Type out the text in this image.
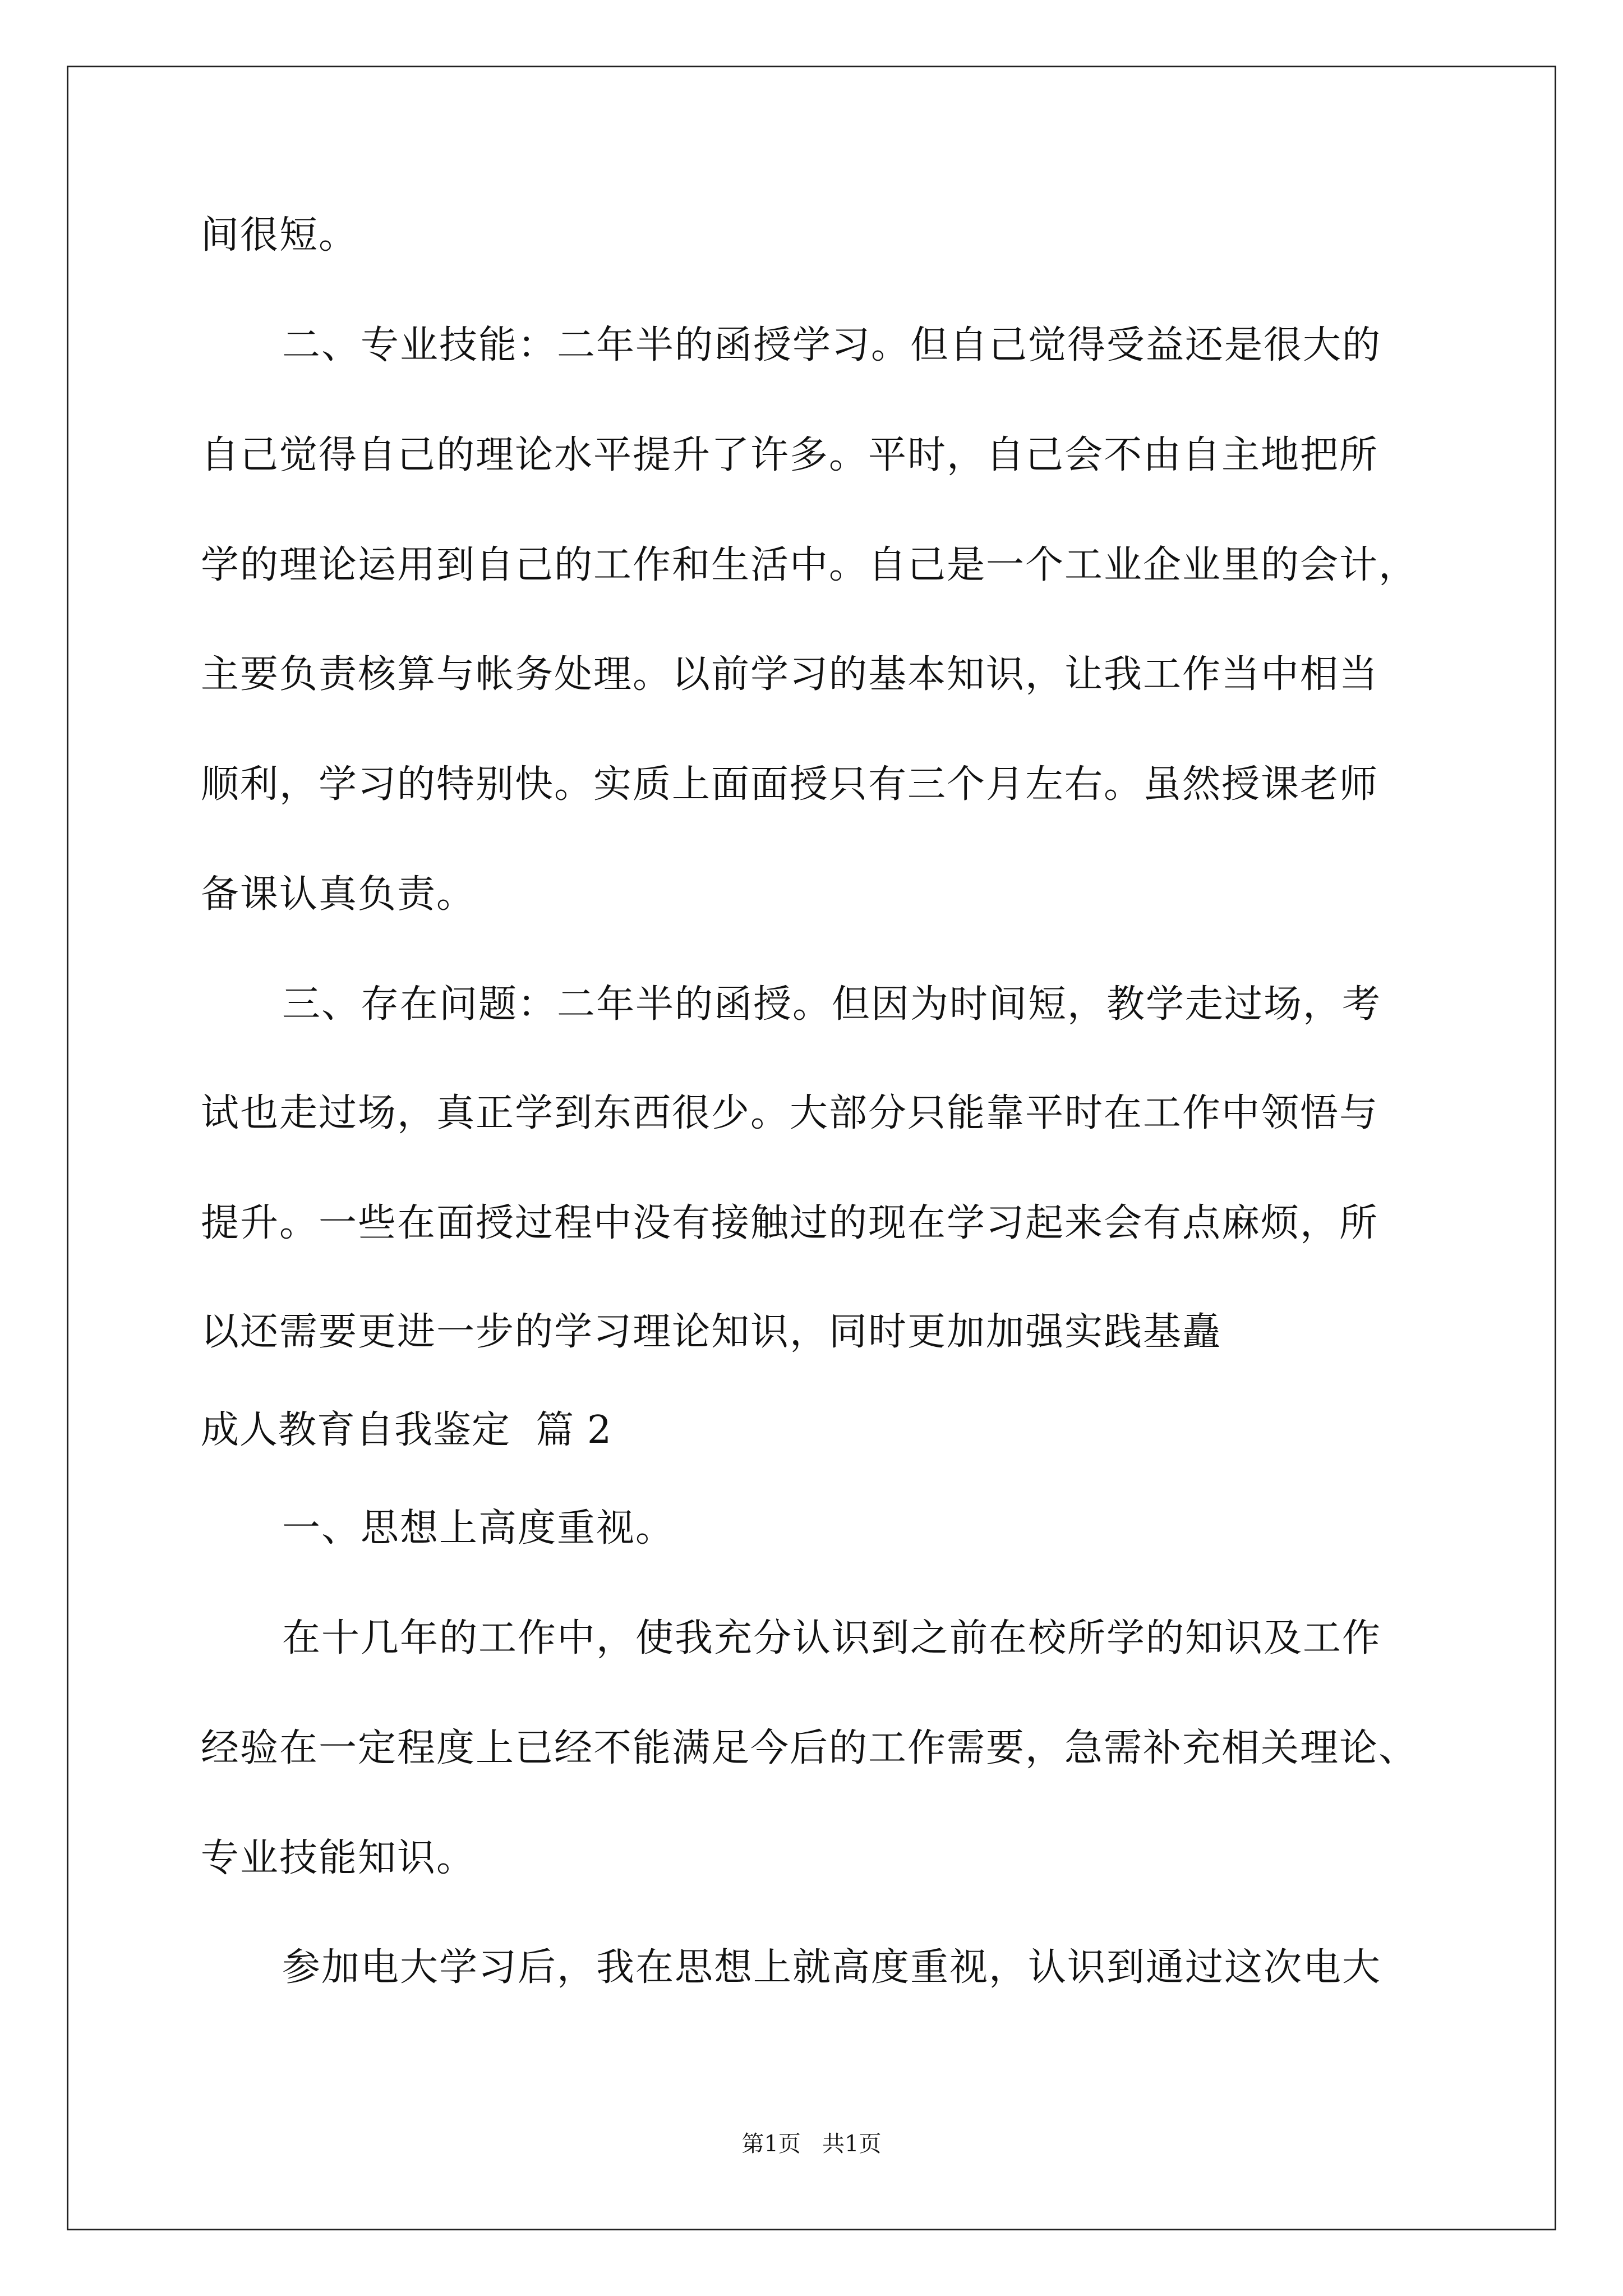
间很短。
二、专业技能：二年半的函授学习。但自己觉得受益还是很大的
自己觉得自己的理论水平提升了许多。平时，自己会不由自主地把所
学的理论运用到自己的工作和生活中。自己是一个工业企业里的会计，
主要负责核算与帐务处理。以前学习的基本知识，让我工作当中相当
顺利，学习的特别快。实质上面面授只有三个月左右。虽然授课老师
备课认真负责。
三、存在问题：二年半的函授。但因为时间短，教学走过场，考
试也走过场，真正学到东西很少。大部分只能靠平时在工作中领悟与
提升。一些在面授过程中没有接触过的现在学习起来会有点麻烦，所
以还需要更进一步的学习理论知识，同时更加加强实践基矗
成人教育自我鉴定  篇 2
一、思想上高度重视。
在十几年的工作中，使我充分认识到之前在校所学的知识及工作
经验在一定程度上已经不能满足今后的工作需要，急需补充相关理论、
专业技能知识。
参加电大学习后，我在思想上就高度重视，认识到通过这次电大
第1页   共1页
